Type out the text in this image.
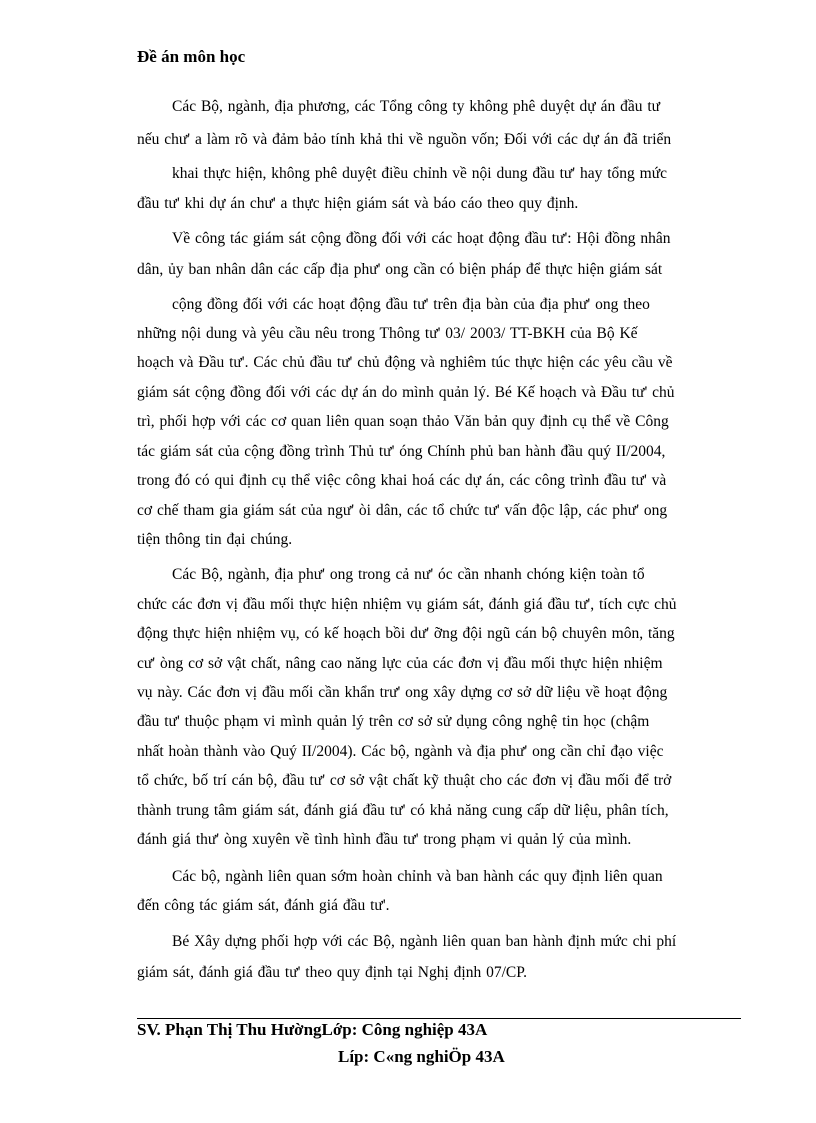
Đề án môn học
Các Bộ, ngành, địa phương, các Tổng công ty không phê duyệt dự án đầu tư
nếu chư' a làm rõ và đảm bảo tính khả thi về nguồn vốn; Đối với các dự án đã triển
khai thực hiện, không phê duyệt điều chỉnh về nội dung đầu tư' hay tổng mức
đầu tư' khi dự án chư' a thực hiện giám sát và báo cáo theo quy định.
Về công tác giám sát cộng đồng đối với các hoạt động đầu tư': Hội đồng nhân
dân, ủy ban nhân dân các cấp địa phư' ong cần có biện pháp để thực hiện giám sát
cộng đồng đối với các hoạt động đầu tư' trên địa bàn của địa phư' ong theo
những nội dung và yêu cầu nêu trong Thông tư' 03/ 2003/ TT-BKH của Bộ Kế
hoạch và Đầu tư'. Các chủ đầu tư' chủ động và nghiêm túc thực hiện các yêu cầu về
giám sát cộng đồng đối với các dự án do mình quản lý. Bé Kế hoạch và Đầu tư' chủ
trì, phối hợp với các cơ quan liên quan soạn thảo Văn bản quy định cụ thể về Công
tác giám sát của cộng đồng trình Thủ tư' óng Chính phủ ban hành đầu quý II/2004,
trong đó có qui định cụ thể việc công khai hoá các dự án, các công trình đầu tư' và
cơ chế tham gia giám sát của ngư' òi dân, các tổ chức tư' vấn độc lập, các phư' ong
tiện thông tin đại chúng.
Các Bộ, ngành, địa phư' ong trong cả nư' óc cần nhanh chóng kiện toàn tổ
chức các đơn vị đầu mối thực hiện nhiệm vụ giám sát, đánh giá đầu tư', tích cực chủ
động thực hiện nhiệm vụ, có kế hoạch bồi dư' ỡng đội ngũ cán bộ chuyên môn, tăng
cư' òng cơ sở vật chất, nâng cao năng lực của các đơn vị đầu mối thực hiện nhiệm
vụ này. Các đơn vị đầu mối cần khẩn trư' ong xây dựng cơ sở dữ liệu về hoạt động
đầu tư' thuộc phạm vi mình quản lý trên cơ sở sử dụng công nghệ tin học (chậm
nhất hoàn thành vào Quý II/2004). Các bộ, ngành và địa phư' ong cần chỉ đạo việc
tổ chức, bố trí cán bộ, đầu tư' cơ sở vật chất kỹ thuật cho các đơn vị đầu mối để trở
thành trung tâm giám sát, đánh giá đầu tư' có khả năng cung cấp dữ liệu, phân tích,
đánh giá thư' òng xuyên về tình hình đầu tư' trong phạm vi quản lý của mình.
Các bộ, ngành liên quan sớm hoàn chỉnh và ban hành các quy định liên quan
đến công tác giám sát, đánh giá đầu tư'.
Bé Xây dựng phối hợp với các Bộ, ngành liên quan ban hành định mức chi phí
giám sát, đánh giá đầu tư' theo quy định tại Nghị định 07/CP.
SV. Phạn Thị Thu HườngLớp: Công nghiệp 43A
Líp: C«ng nghiÖp 43A
